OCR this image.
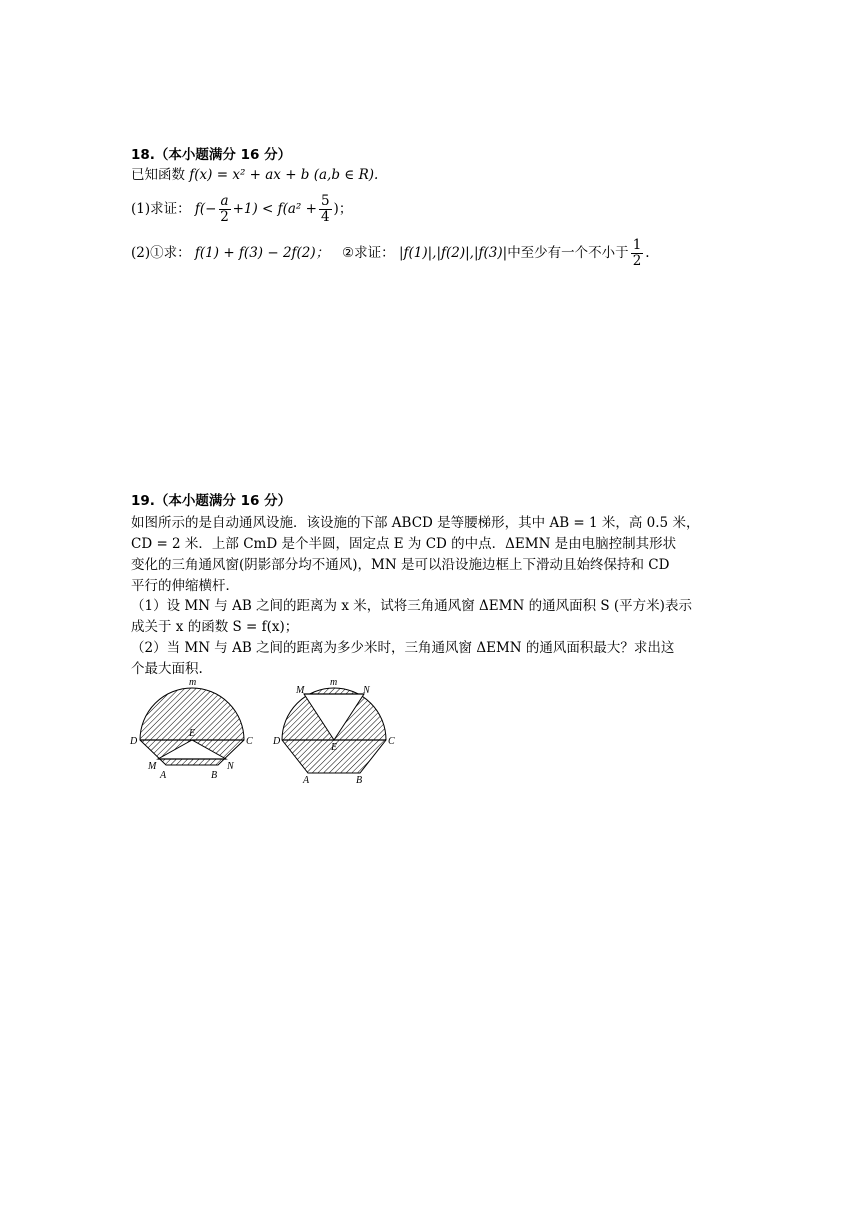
18.（本小题满分 16 分）
已知函数 f(x) = x² + ax + b (a,b ∈ R).
(1)求证： $f(- \frac{a}{2} +1) < f(a^2 + \frac{5}{4}$ )；
(2)①求： f(1) + f(3) − 2f(2)； ②求证： |f(1)|,|f(2)|,|f(3)|中至少有一个不小于 $\frac{1}{2}$ .
19.（本小题满分 16 分）
如图所示的是自动通风设施．该设施的下部 ABCD 是等腰梯形，其中 AB = 1 米，高 0.5 米，
CD = 2 米．上部 CmD 是个半圆，固定点 E 为 CD 的中点．ΔEMN 是由电脑控制其形状
变化的三角通风窗(阴影部分均不通风)，MN 是可以沿设施边框上下滑动且始终保持和 CD
平行的伸缩横杆．
（1）设 MN 与 AB 之间的距离为 x 米，试将三角通风窗 ΔEMN 的通风面积 S (平方米)表示
成关于 x 的函数 S = f(x)；
（2）当 MN 与 AB 之间的距离为多少米时，三角通风窗 ΔEMN 的通风面积最大？求出这
个最大面积.
m
D	C
E
M	N
A	B
m
M	N
D	C
E
A	B
